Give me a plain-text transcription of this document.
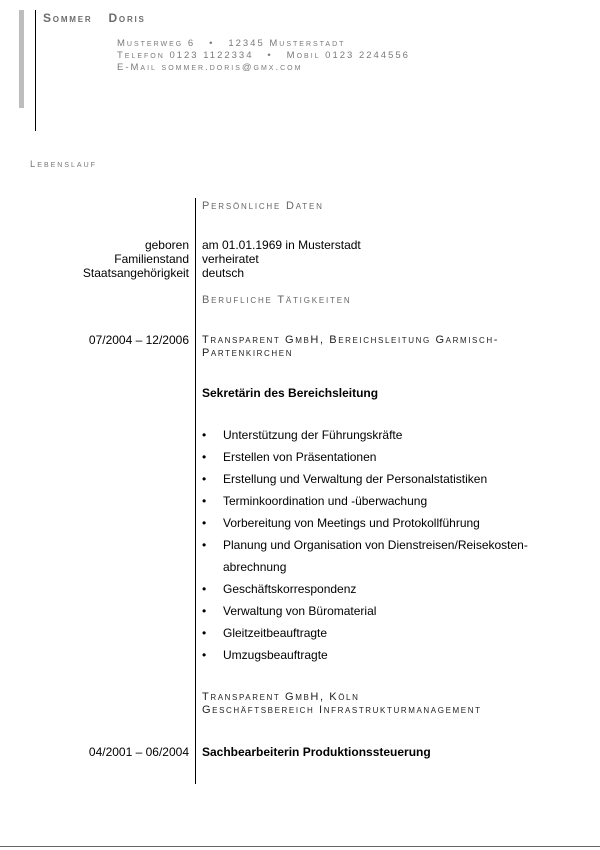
Sommer Doris
Musterweg 6   •   12345 Musterstadt
Telefon 0123 1122334   •   Mobil 0123 2244556
E-Mail sommer.doris@gmx.com
Lebenslauf
Persönliche Daten
geboren
Familienstand
Staatsangehörigkeit
am 01.01.1969 in Musterstadt
verheiratet
deutsch
Berufliche Tätigkeiten
07/2004 – 12/2006 Transparent GmbH, Bereichsleitung Garmisch-
Partenkirchen
Sekretärin des Bereichsleitung
• Unterstützung der Führungskräfte
• Erstellen von Präsentationen
• Erstellung und Verwaltung der Personalstatistiken
• Terminkoordination und -überwachung
• Vorbereitung von Meetings und Protokollführung
• Planung und Organisation von Dienstreisen/Reisekosten-
abrechnung
• Geschäftskorrespondenz
• Verwaltung von Büromaterial
• Gleitzeitbeauftragte
• Umzugsbeauftragte
Transparent GmbH, Köln
Geschäftsbereich Infrastrukturmanagement
04/2001 – 06/2004 Sachbearbeiterin Produktionssteuerung
